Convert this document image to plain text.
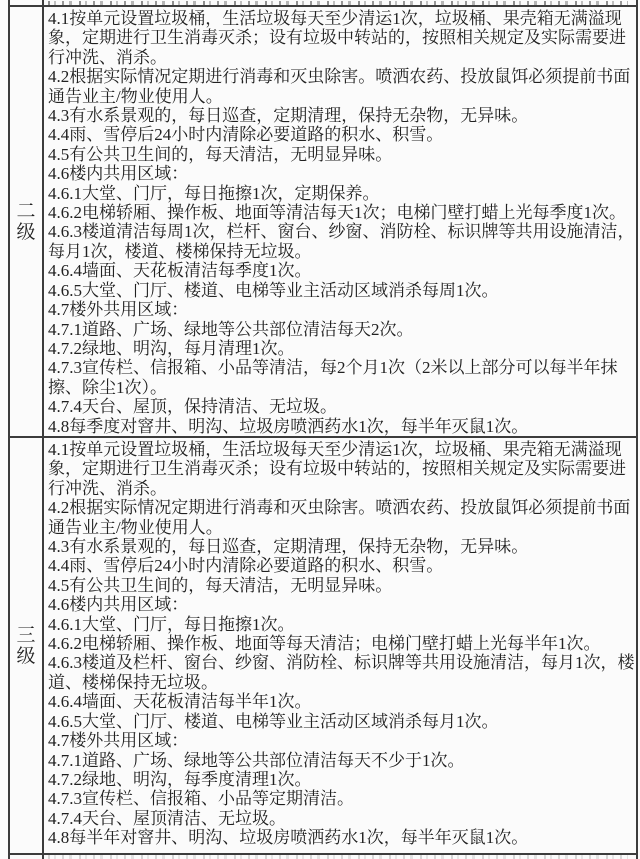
二级

4.1按单元设置垃圾桶，生活垃圾每天至少清运1次，垃圾桶、果壳箱无满溢现象，定期进行卫生消毒灭杀；设有垃圾中转站的，按照相关规定及实际需要进行冲洗、消杀。

4.2根据实际情况定期进行消毒和灭虫除害。喷洒农药、投放鼠饵必须提前书面通告业主/物业使用人。

4.3有水系景观的，每日巡查，定期清理，保持无杂物，无异味。

4.4雨、雪停后24小时内清除必要道路的积水、积雪。

4.5有公共卫生间的，每天清洁，无明显异味。

4.6楼内共用区域：

4.6.1大堂、门厅，每日拖擦1次，定期保养。

4.6.2电梯轿厢、操作板、地面等清洁每天1次；电梯门壁打蜡上光每季度1次。

4.6.3楼道清洁每周1次，栏杆、窗台、纱窗、消防栓、标识牌等共用设施清洁，每月1次，楼道、楼梯保持无垃圾。

4.6.4墙面、天花板清洁每季度1次。

4.6.5大堂、门厅、楼道、电梯等业主活动区域消杀每周1次。

4.7楼外共用区域：

4.7.1道路、广场、绿地等公共部位清洁每天2次。

4.7.2绿地、明沟，每月清理1次。

4.7.3宣传栏、信报箱、小品等清洁，每2个月1次（2米以上部分可以每半年抹擦、除尘1次）。

4.7.4天台、屋顶，保持清洁、无垃圾。

4.8每季度对窨井、明沟、垃圾房喷洒药水1次，每半年灭鼠1次。

三级

4.1按单元设置垃圾桶，生活垃圾每天至少清运1次，垃圾桶、果壳箱无满溢现象，定期进行卫生消毒灭杀；设有垃圾中转站的，按照相关规定及实际需要进行冲洗、消杀。

4.2根据实际情况定期进行消毒和灭虫除害。喷洒农药、投放鼠饵必须提前书面通告业主/物业使用人。

4.3有水系景观的，每日巡查，定期清理，保持无杂物，无异味。

4.4雨、雪停后24小时内清除必要道路的积水、积雪。

4.5有公共卫生间的，每天清洁，无明显异味。

4.6楼内共用区域：

4.6.1大堂、门厅，每日拖擦1次。

4.6.2电梯轿厢、操作板、地面等每天清洁；电梯门壁打蜡上光每半年1次。

4.6.3楼道及栏杆、窗台、纱窗、消防栓、标识牌等共用设施清洁，每月1次，楼道、楼梯保持无垃圾。

4.6.4墙面、天花板清洁每半年1次。

4.6.5大堂、门厅、楼道、电梯等业主活动区域消杀每月1次。

4.7楼外共用区域：

4.7.1道路、广场、绿地等公共部位清洁每天不少于1次。

4.7.2绿地、明沟，每季度清理1次。

4.7.3宣传栏、信报箱、小品等定期清洁。

4.7.4天台、屋顶清洁、无垃圾。

4.8每半年对窨井、明沟、垃圾房喷洒药水1次，每半年灭鼠1次。
